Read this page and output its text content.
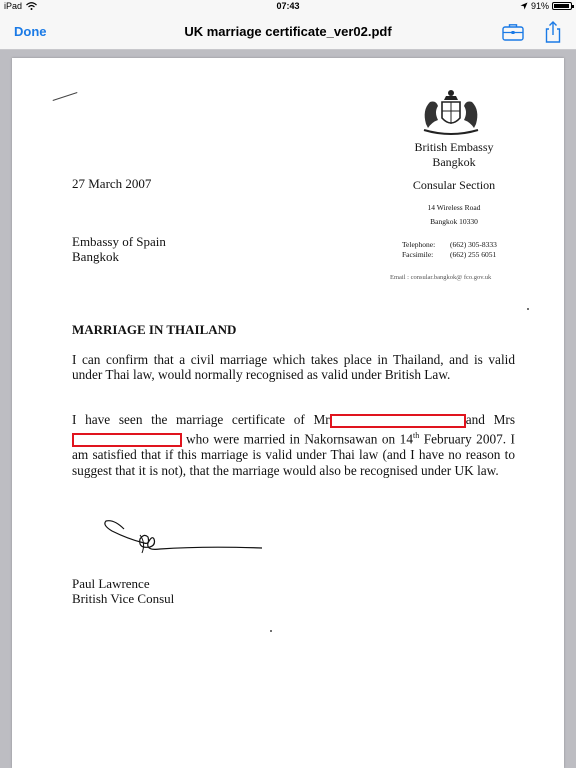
iPad	07:43	91%
Done	UK marriage certificate_ver02.pdf
British Embassy
Bangkok
Consular Section
14 Wireless Road
Bangkok 10330
Telephone:	(662) 305-8333
Facsimile:	(662) 255 6051
Email : consular.bangkok@ fco.gov.uk
27 March 2007
Embassy of Spain
Bangkok
MARRIAGE IN THAILAND
I can confirm that a civil marriage which takes place in Thailand, and is valid under Thai law, would normally recognised as valid under British Law.
I have seen the marriage certificate of Mr	and Mrs who were married in Nakornsawan on 14th February 2007. I am satisfied that if this marriage is valid under Thai law (and I have no reason to suggest that it is not), that the marriage would also be recognised under UK law.
Paul Lawrence
British Vice Consul
